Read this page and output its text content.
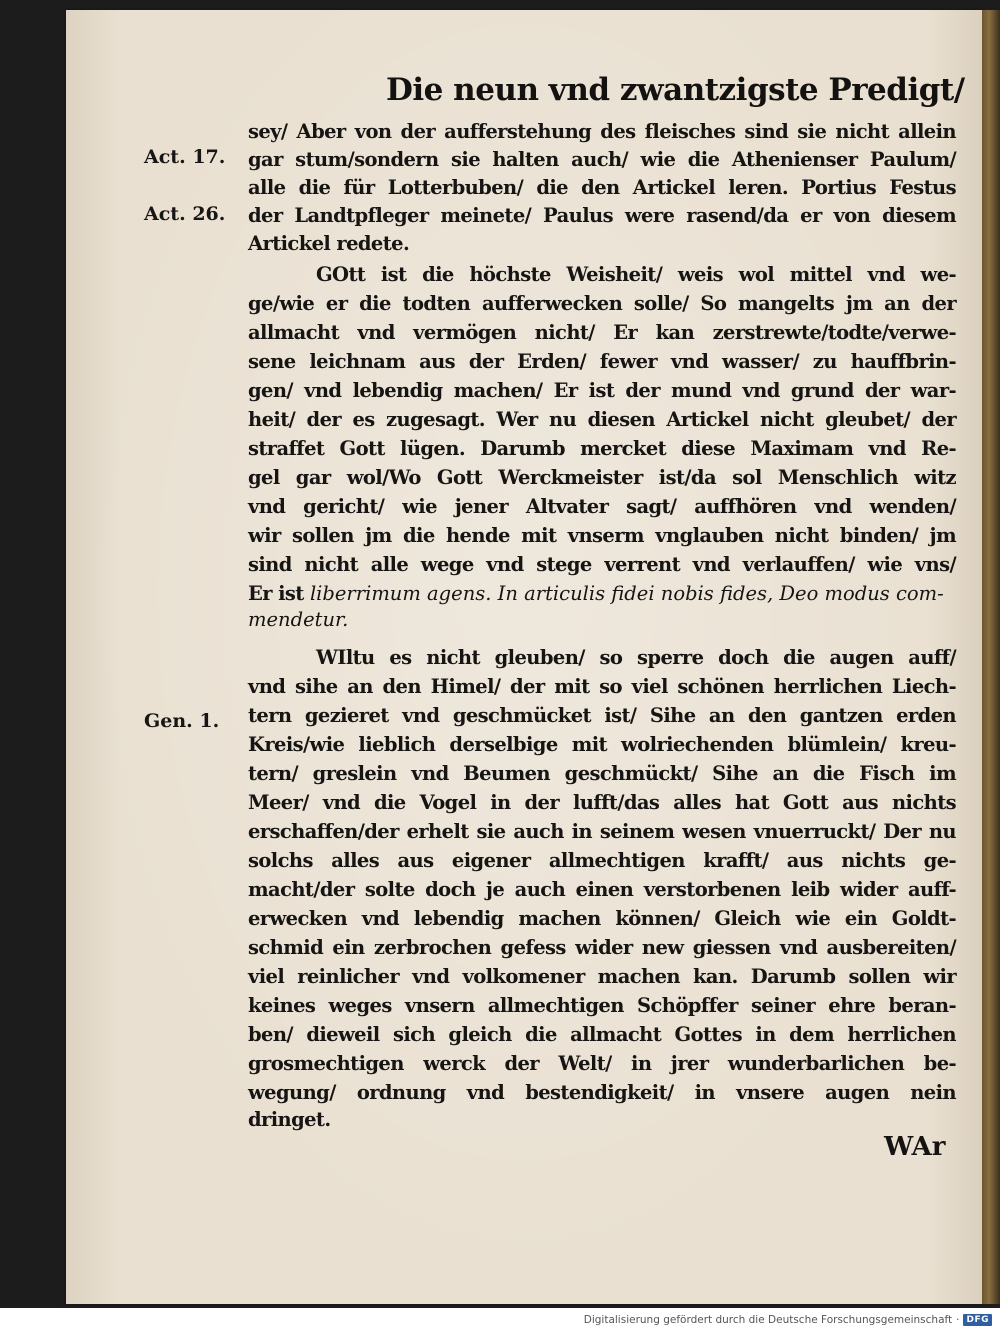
Die neun vnd zwantzigste Predigt/
Act. 17.
Act. 26.
Gen. 1.
sey/ Aber von der aufferstehung des fleisches sind sie nicht allein
gar stum/sondern sie halten auch/ wie die Athenienser Paulum/
alle die für Lotterbuben/ die den Artickel leren. Portius Festus
der Landtpfleger meinete/ Paulus were rasend/da er von diesem
Artickel redete.
GOtt ist die höchste Weisheit/ weis wol mittel vnd we-
ge/wie er die todten aufferwecken solle/ So mangelts jm an der
allmacht vnd vermögen nicht/ Er kan zerstrewte/todte/verwe-
sene leichnam aus der Erden/ fewer vnd wasser/ zu hauffbrin-
gen/ vnd lebendig machen/ Er ist der mund vnd grund der war-
heit/ der es zugesagt. Wer nu diesen Artickel nicht gleubet/ der
straffet Gott lügen. Darumb mercket diese Maximam vnd Re-
gel gar wol/Wo Gott Werckmeister ist/da sol Menschlich witz
vnd gericht/ wie jener Altvater sagt/ auffhören vnd wenden/
wir sollen jm die hende mit vnserm vnglauben nicht binden/ jm
sind nicht alle wege vnd stege verrent vnd verlauffen/ wie vns/
Er ist liberrimum agens. In articulis fidei nobis fides, Deo modus com-
mendetur.
WIltu es nicht gleuben/ so sperre doch die augen auff/
vnd sihe an den Himel/ der mit so viel schönen herrlichen Liech-
tern gezieret vnd geschmücket ist/ Sihe an den gantzen erden
Kreis/wie lieblich derselbige mit wolriechenden blümlein/ kreu-
tern/ greslein vnd Beumen geschmückt/ Sihe an die Fisch im
Meer/ vnd die Vogel in der lufft/das alles hat Gott aus nichts
erschaffen/der erhelt sie auch in seinem wesen vnuerruckt/ Der nu
solchs alles aus eigener allmechtigen krafft/ aus nichts ge-
macht/der solte doch je auch einen verstorbenen leib wider auff-
erwecken vnd lebendig machen können/ Gleich wie ein Goldt-
schmid ein zerbrochen gefess wider new giessen vnd ausbereiten/
viel reinlicher vnd volkomener machen kan. Darumb sollen wir
keines weges vnsern allmechtigen Schöpffer seiner ehre beran-
ben/ dieweil sich gleich die allmacht Gottes in dem herrlichen
grosmechtigen werck der Welt/ in jrer wunderbarlichen be-
wegung/ ordnung vnd bestendigkeit/ in vnsere augen nein
dringet.
WAr
Digitalisierung gefördert durch die Deutsche Forschungsgemeinschaft · DFG
